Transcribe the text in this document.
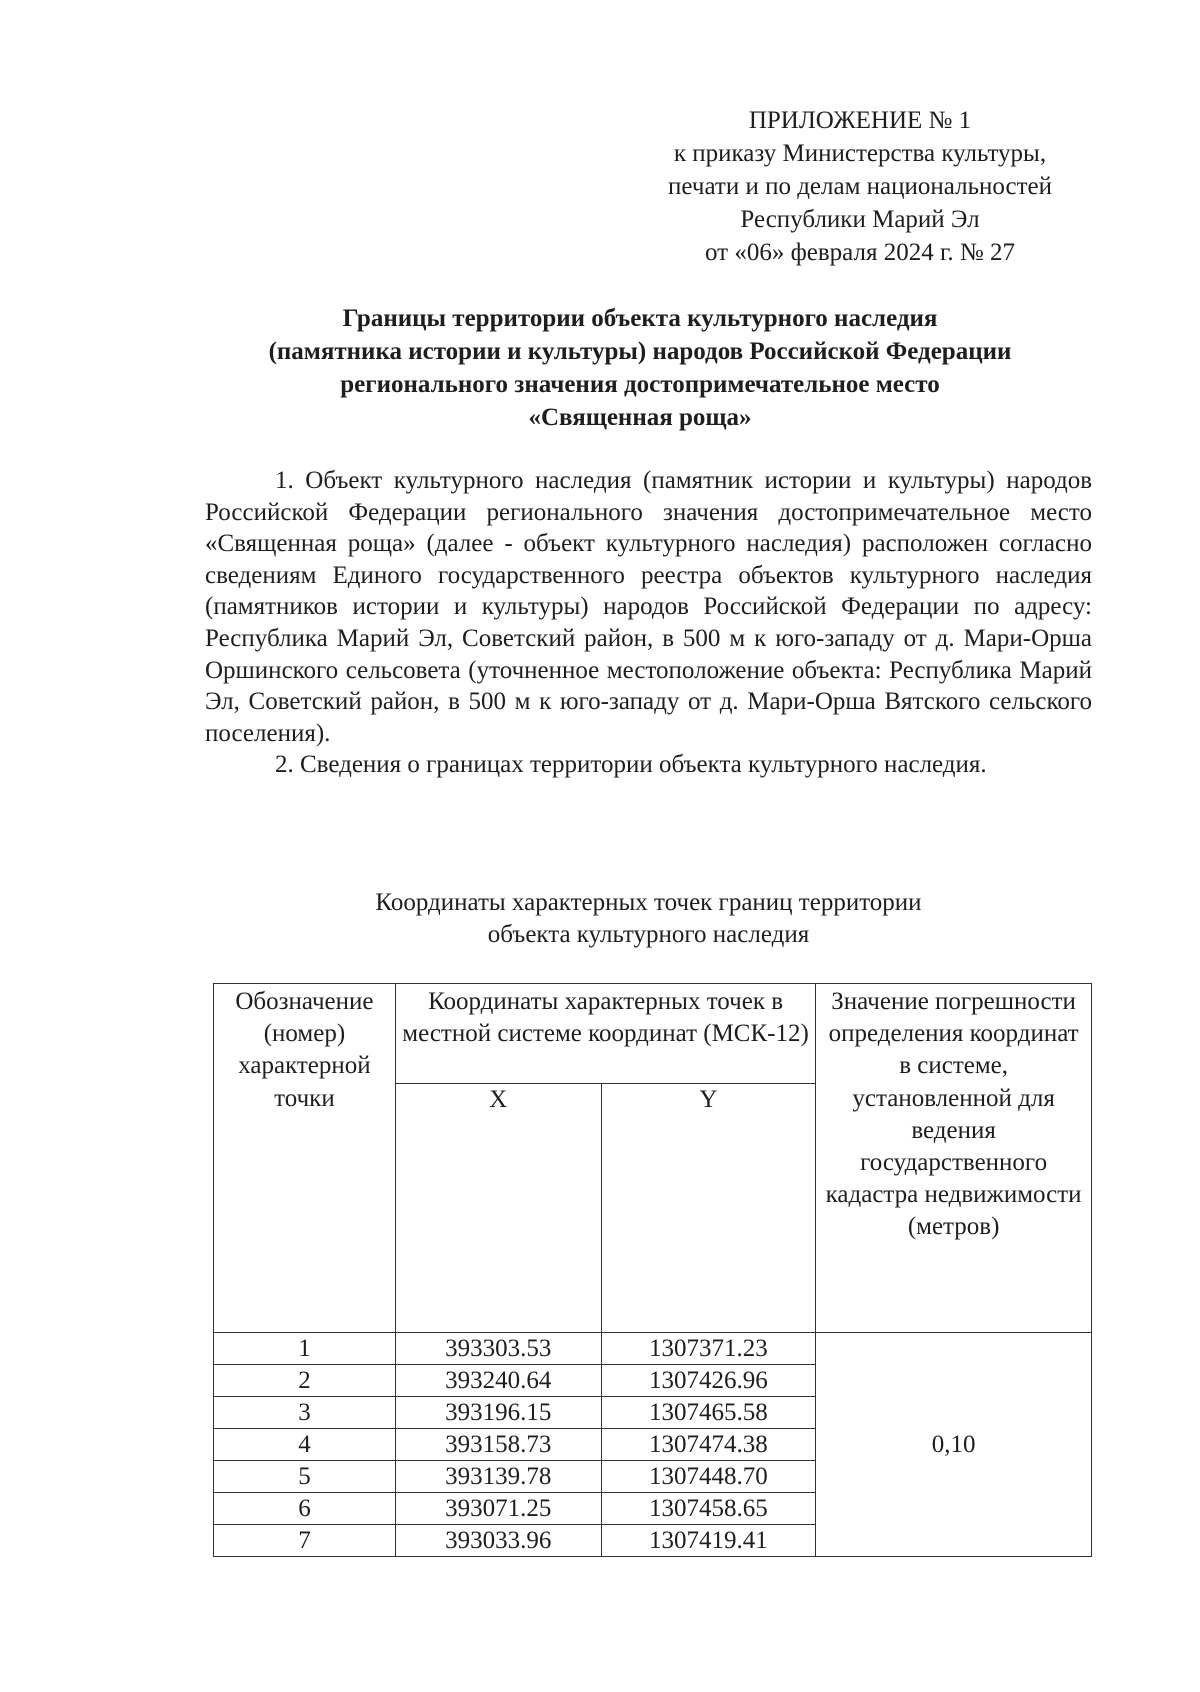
ПРИЛОЖЕНИЕ № 1
к приказу Министерства культуры,
печати и по делам национальностей
Республики Марий Эл
от «06» февраля 2024 г. № 27
Границы территории объекта культурного наследия
(памятника истории и культуры) народов Российской Федерации
регионального значения достопримечательное место
«Священная роща»

1. Объект культурного наследия (памятник истории и культуры) народов Российской Федерации регионального значения достопримечательное место «Священная роща» (далее - объект культурного наследия) расположен согласно сведениям Единого государственного реестра объектов культурного наследия (памятников истории и культуры) народов Российской Федерации по адресу: Республика Марий Эл, Советский район, в 500 м к юго-западу от д. Мари-Орша Оршинского сельсовета (уточненное местоположение объекта: Республика Марий Эл, Советский район, в 500 м к юго-западу от д. Мари-Орша Вятского сельского поселения).

2. Сведения о границах территории объекта культурного наследия.

Координаты характерных точек границ территории
объекта культурного наследия
Обозначение (номер) характерной точки	Координаты характерных точек в местной системе координат (МСК-12)		Значение погрешности определения координат в системе, установленной для ведения государственного кадастра недвижимости (метров)
	X	Y	
1	393303.53	1307371.23	0,10
2	393240.64	1307426.96	
3	393196.15	1307465.58	
4	393158.73	1307474.38	
5	393139.78	1307448.70	
6	393071.25	1307458.65	
7	393033.96	1307419.41	
